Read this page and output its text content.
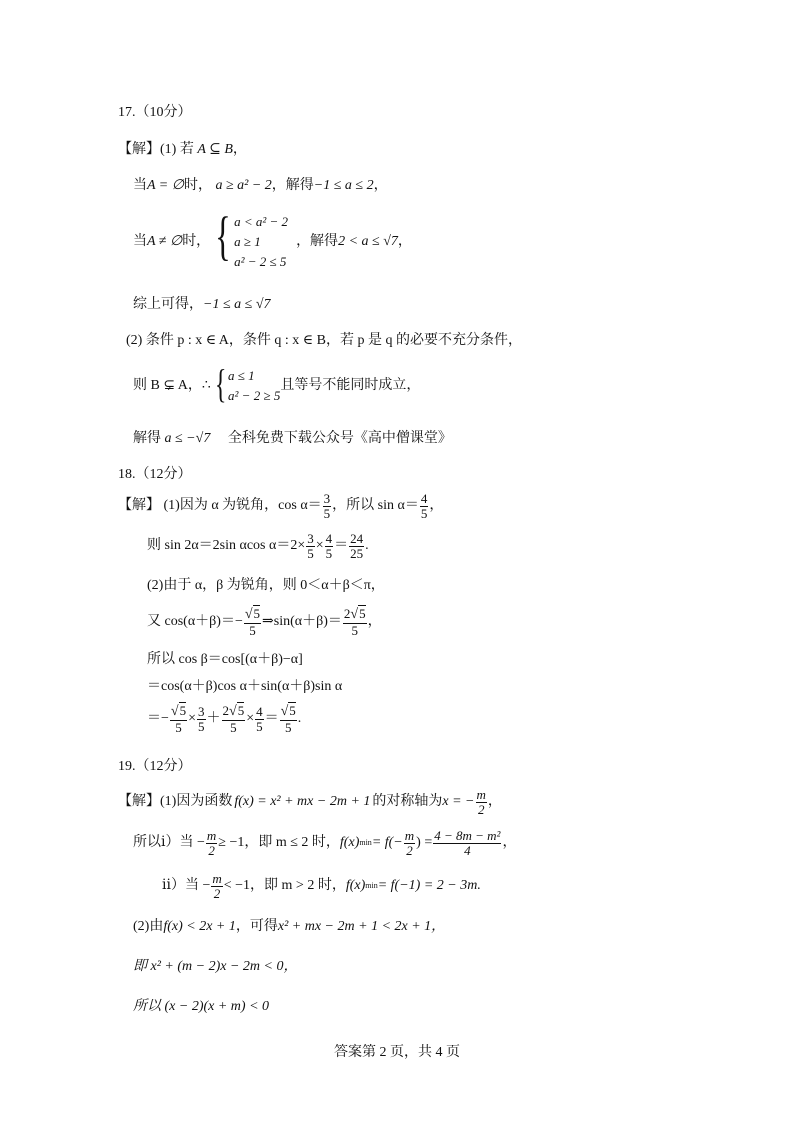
17.（10分）
【解】(1) 若 A ⊆ B，
当A = ∅时， a ≥ a² − 2，解得−1 ≤ a ≤ 2，
当 A ≠ ∅ 时， { a < a² − 2
a ≥ 1
a² − 2 ≤ 5
，解得 2 < a ≤ √7 ，
综上可得，−1 ≤ a ≤ √7
(2) 条件 p : x ∈ A，条件 q : x ∈ B，若 p 是 q 的必要不充分条件，
则 B ⊊ A，∴ { a ≤ 1
a² − 2 ≥ 5
且等号不能同时成立，
解得 a ≤ −√7 全科免费下载公众号《高中僧课堂》
18.（12分）
【解】
(1)因为 α 为锐角，$\cos \alpha= \frac{3}{5}$ ，所以 $\sin \alpha= \frac{4}{5}$ ，
则 sin 2α＝2sin αcos $\alpha=2\times \frac{3}{5} \times \frac{4}{5} = \frac{24}{25}$ .
(2)由于 α，β 为锐角，则 0＜α＋β＜π，
又 $\cos(\alpha+\beta)=- \frac{√5}{5}$ ⇒sin(α＋β)＝ $\frac{2√5}{5}$ ，
所以 cos β＝cos[(α＋β)−α]
＝cos(α＋β)cos α＋sin(α＋β)sin α
＝− $\frac{√5}{5} \times \frac{3}{5} + \frac{2√5}{5} \times \frac{4}{5} = \frac{√5}{5}$ .
19.（12分）
【解】 (1)因为函数 f(x) = x² + mx − 2m + 1 的对称轴为 x = − $\frac{m}{2}$ ，
所以ⅰ）当 − $\frac{m}{2} \ge -1$，即 m ≤ 2 时， f(x) $\min = f(- \frac{m}{2}$ ) = $\frac{\text{4 − 8m − m²}}{4}$ ，
ⅱ）当 − $\frac{m}{2} < -1$，即 m > 2 时， f(x) min = f(−1) = 2 − 3m.
(2)由f(x) < 2x + 1，可得x² + mx − 2m + 1 < 2x + 1，
即 x² + (m − 2)x − 2m < 0，
所以 (x − 2)(x + m) < 0
答案第 2 页，共 4 页
